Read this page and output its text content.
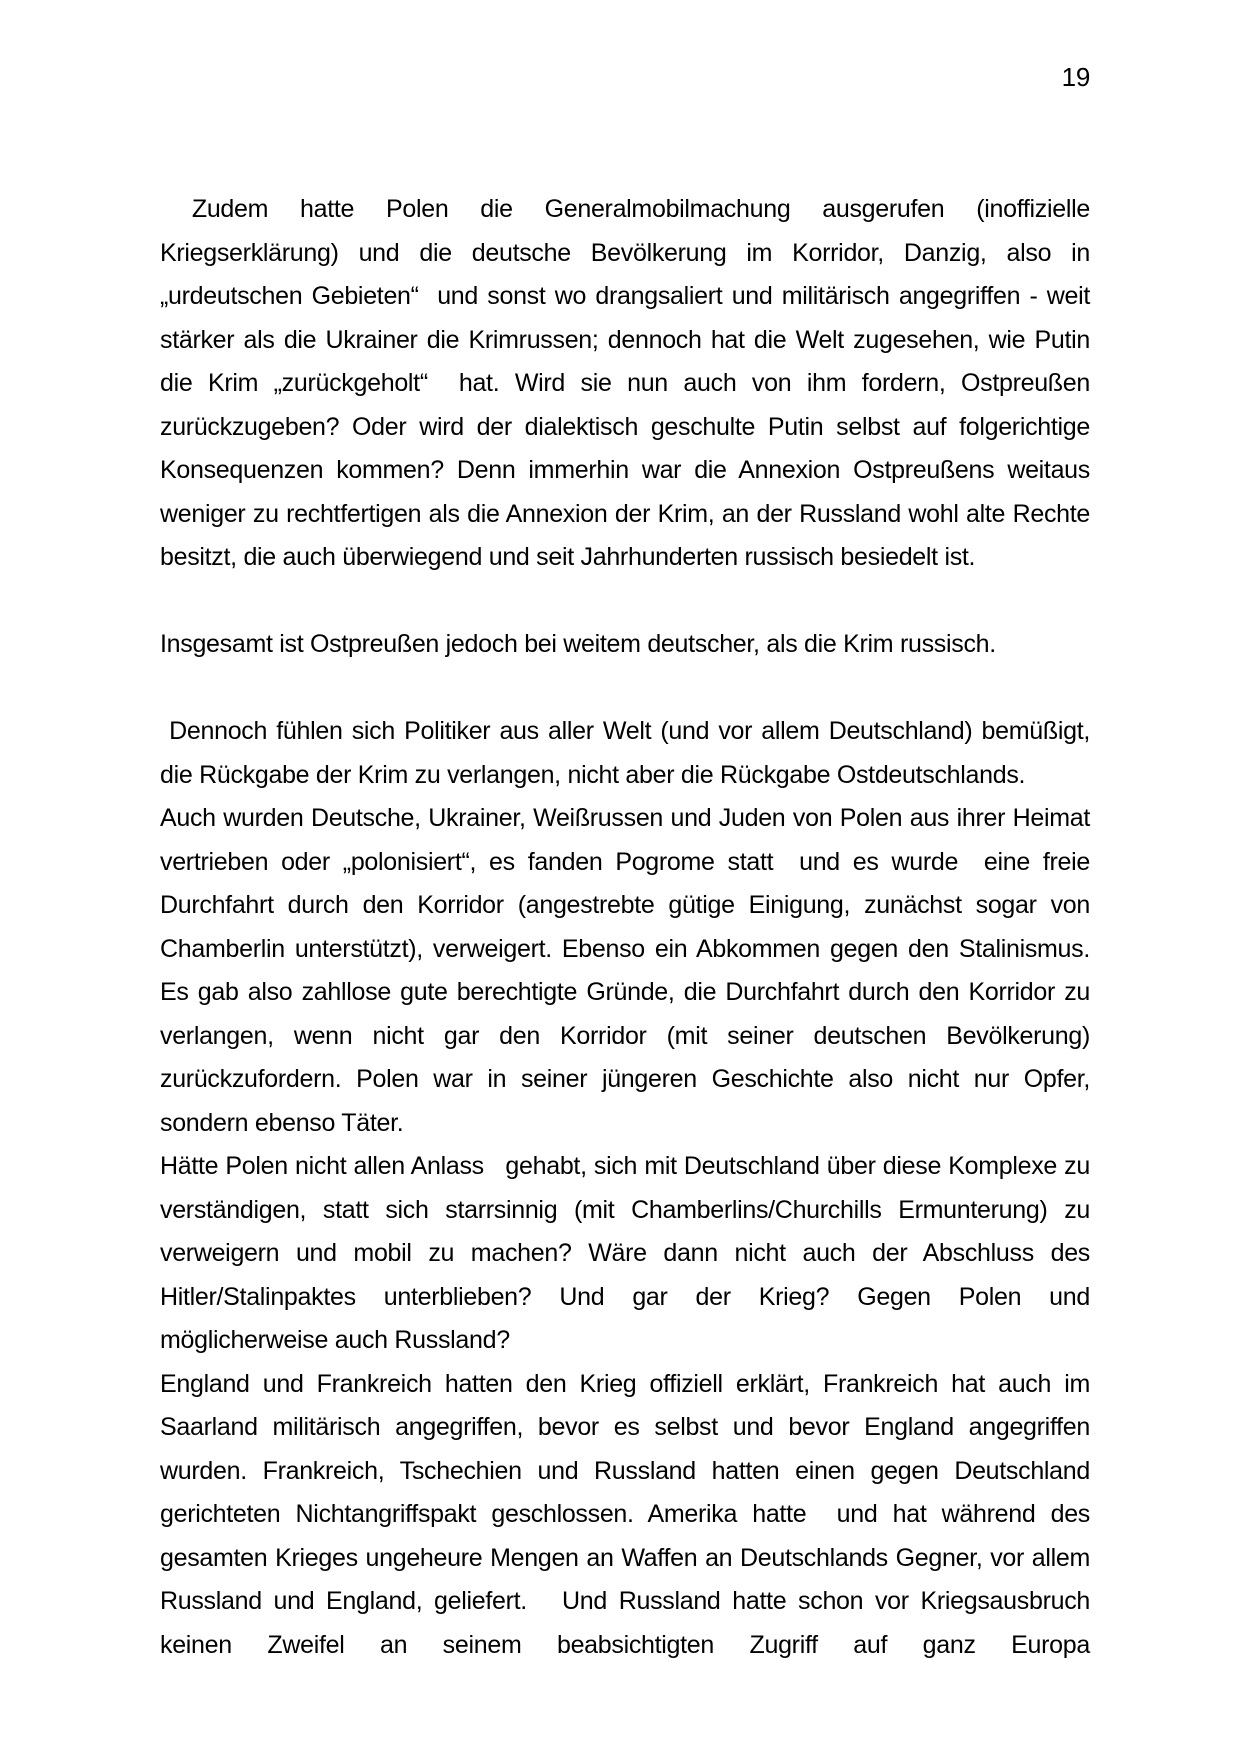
19

Zudem hatte Polen die Generalmobilmachung ausgerufen (inoffizielle Kriegserklärung) und die deutsche Bevölkerung im Korridor, Danzig, also in „urdeutschen Gebieten“  und sonst wo drangsaliert und militärisch angegriffen - weit stärker als die Ukrainer die Krimrussen; dennoch hat die Welt zugesehen, wie Putin die Krim „zurückgeholt“  hat. Wird sie nun auch von ihm fordern, Ostpreußen zurückzugeben? Oder wird der dialektisch geschulte Putin selbst auf folgerichtige Konsequenzen kommen? Denn immerhin war die Annexion Ostpreußens weitaus weniger zu rechtfertigen als die Annexion der Krim, an der Russland wohl alte Rechte besitzt, die auch überwiegend und seit Jahrhunderten russisch besiedelt ist.

Insgesamt ist Ostpreußen jedoch bei weitem deutscher, als die Krim russisch.

Dennoch fühlen sich Politiker aus aller Welt (und vor allem Deutschland) bemüßigt, die Rückgabe der Krim zu verlangen, nicht aber die Rückgabe Ostdeutschlands.

Auch wurden Deutsche, Ukrainer, Weißrussen und Juden von Polen aus ihrer Heimat vertrieben oder „polonisiert“, es fanden Pogrome statt  und es wurde  eine freie Durchfahrt durch den Korridor (angestrebte gütige Einigung, zunächst sogar von Chamberlin unterstützt), verweigert. Ebenso ein Abkommen gegen den Stalinismus. Es gab also zahllose gute berechtigte Gründe, die Durchfahrt durch den Korridor zu verlangen, wenn nicht gar den Korridor (mit seiner deutschen Bevölkerung) zurückzufordern. Polen war in seiner jüngeren Geschichte also nicht nur Opfer, sondern ebenso Täter.

Hätte Polen nicht allen Anlass   gehabt, sich mit Deutschland über diese Komplexe zu verständigen, statt sich starrsinnig (mit Chamberlins/Churchills Ermunterung) zu verweigern und mobil zu machen? Wäre dann nicht auch der Abschluss des Hitler/Stalinpaktes unterblieben? Und gar der Krieg? Gegen Polen und möglicherweise auch Russland?

England und Frankreich hatten den Krieg offiziell erklärt, Frankreich hat auch im Saarland militärisch angegriffen, bevor es selbst und bevor England angegriffen wurden. Frankreich, Tschechien und Russland hatten einen gegen Deutschland gerichteten Nichtangriffspakt geschlossen. Amerika hatte  und hat während des gesamten Krieges ungeheure Mengen an Waffen an Deutschlands Gegner, vor allem Russland und England, geliefert.   Und Russland hatte schon vor Kriegsausbruch  keinen Zweifel an seinem beabsichtigten Zugriff auf ganz Europa
